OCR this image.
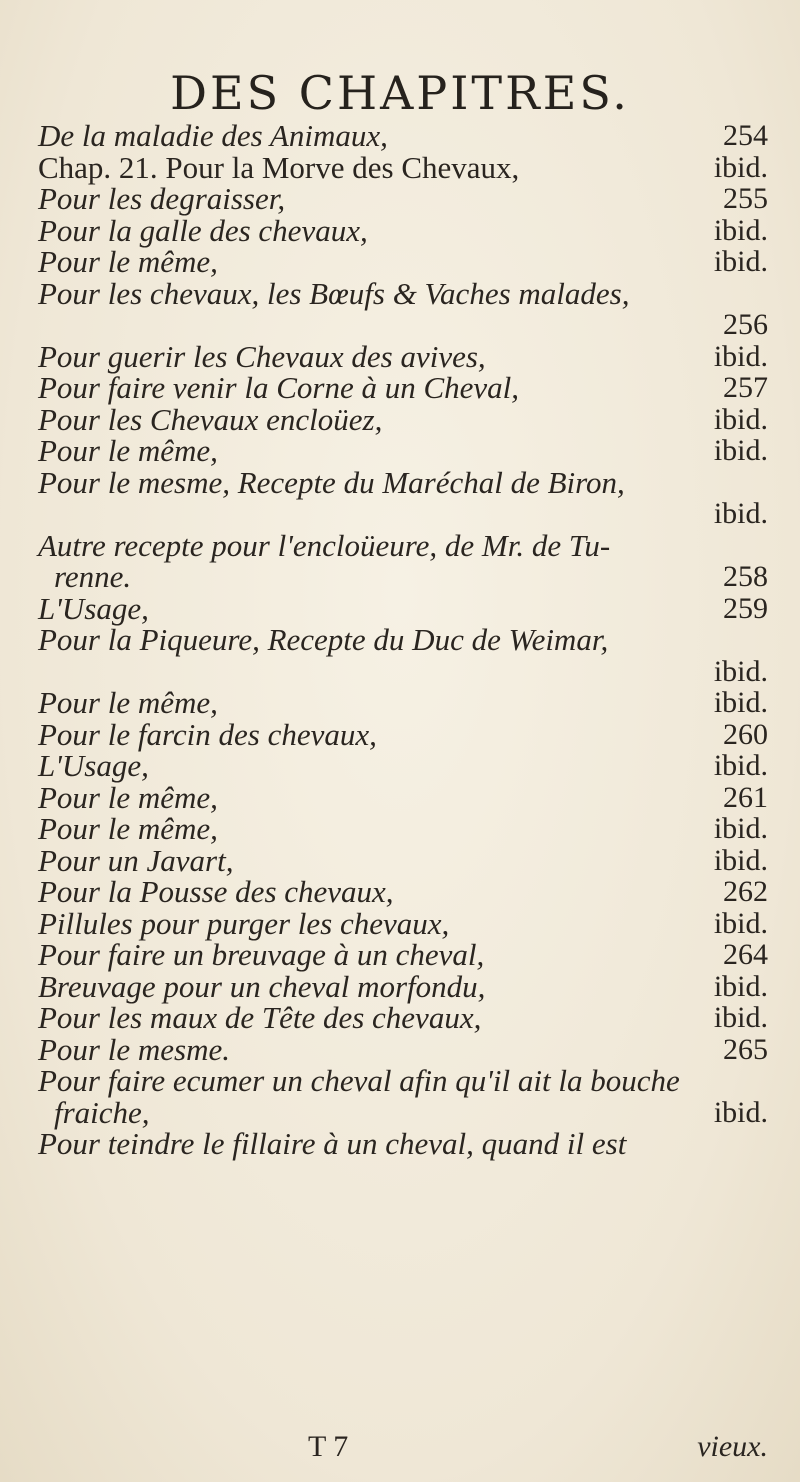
DES CHAPITRES.
De la maladie des Animaux,	254
Chap. 21. Pour la Morve des Chevaux,	ibid.
Pour les degraisser,	255
Pour la galle des chevaux,	ibid.
Pour le même,	ibid.
Pour les chevaux, les Bœufs & Vaches malades,
256
Pour guerir les Chevaux des avives,	ibid.
Pour faire venir la Corne à un Cheval,	257
Pour les Chevaux encloüez,	ibid.
Pour le même,	ibid.
Pour le mesme, Recepte du Maréchal de Biron,
ibid.
Autre recepte pour l'encloüeure, de Mr. de Tu-
renne.	258
L'Usage,	259
Pour la Piqueure, Recepte du Duc de Weimar,
ibid.
Pour le même,	ibid.
Pour le farcin des chevaux,	260
L'Usage,	ibid.
Pour le même,	261
Pour le même,	ibid.
Pour un Javart,	ibid.
Pour la Pousse des chevaux,	262
Pillules pour purger les chevaux,	ibid.
Pour faire un breuvage à un cheval,	264
Breuvage pour un cheval morfondu,	ibid.
Pour les maux de Tête des chevaux,	ibid.
Pour le mesme.	265
Pour faire ecumer un cheval afin qu'il ait la bouche
fraiche,	ibid.
Pour teindre le fillaire à un cheval, quand il est
T 7	vieux.
